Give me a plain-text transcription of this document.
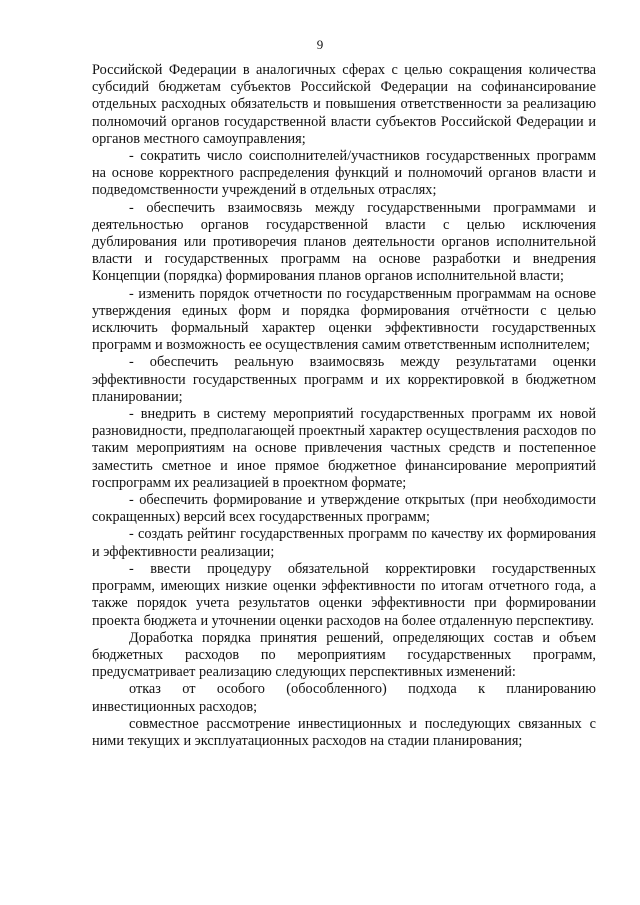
9

Российской Федерации в аналогичных сферах с целью сокращения количества субсидий бюджетам субъектов Российской Федерации на софинансирование отдельных расходных обязательств и повышения ответственности за реализацию полномочий органов государственной власти субъектов Российской Федерации и органов местного самоуправления;

- сократить число соисполнителей/участников государственных программ на основе корректного распределения функций и полномочий органов власти и подведомственности учреждений в отдельных отраслях;

- обеспечить взаимосвязь между государственными программами и деятельностью органов государственной власти с целью исключения дублирования или противоречия планов деятельности органов исполнительной власти и государственных программ на основе разработки и внедрения Концепции (порядка) формирования планов органов исполнительной власти;

- изменить порядок отчетности по государственным программам на основе утверждения единых форм и порядка формирования отчётности с целью исключить формальный характер оценки эффективности государственных программ и возможность ее осуществления самим ответственным исполнителем;

- обеспечить реальную взаимосвязь между результатами оценки эффективности государственных программ и их корректировкой в бюджетном планировании;

- внедрить в систему мероприятий государственных программ их новой разновидности, предполагающей проектный характер осуществления расходов по таким мероприятиям на основе привлечения частных средств и постепенное заместить сметное и иное прямое бюджетное финансирование мероприятий госпрограмм их реализацией в проектном формате;

- обеспечить формирование и утверждение открытых (при необходимости сокращенных) версий всех государственных программ;

- создать рейтинг государственных программ по качеству их формирования и эффективности реализации;

- ввести процедуру обязательной корректировки государственных программ, имеющих низкие оценки эффективности по итогам отчетного года, а также порядок учета результатов оценки эффективности при формировании проекта бюджета и уточнении оценки расходов на более отдаленную перспективу.

Доработка порядка принятия решений, определяющих состав и объем бюджетных расходов по мероприятиям государственных программ, предусматривает реализацию следующих перспективных изменений:

отказ от особого (обособленного) подхода к планированию инвестиционных расходов;

совместное рассмотрение инвестиционных и последующих связанных с ними текущих и эксплуатационных расходов на стадии планирования;
